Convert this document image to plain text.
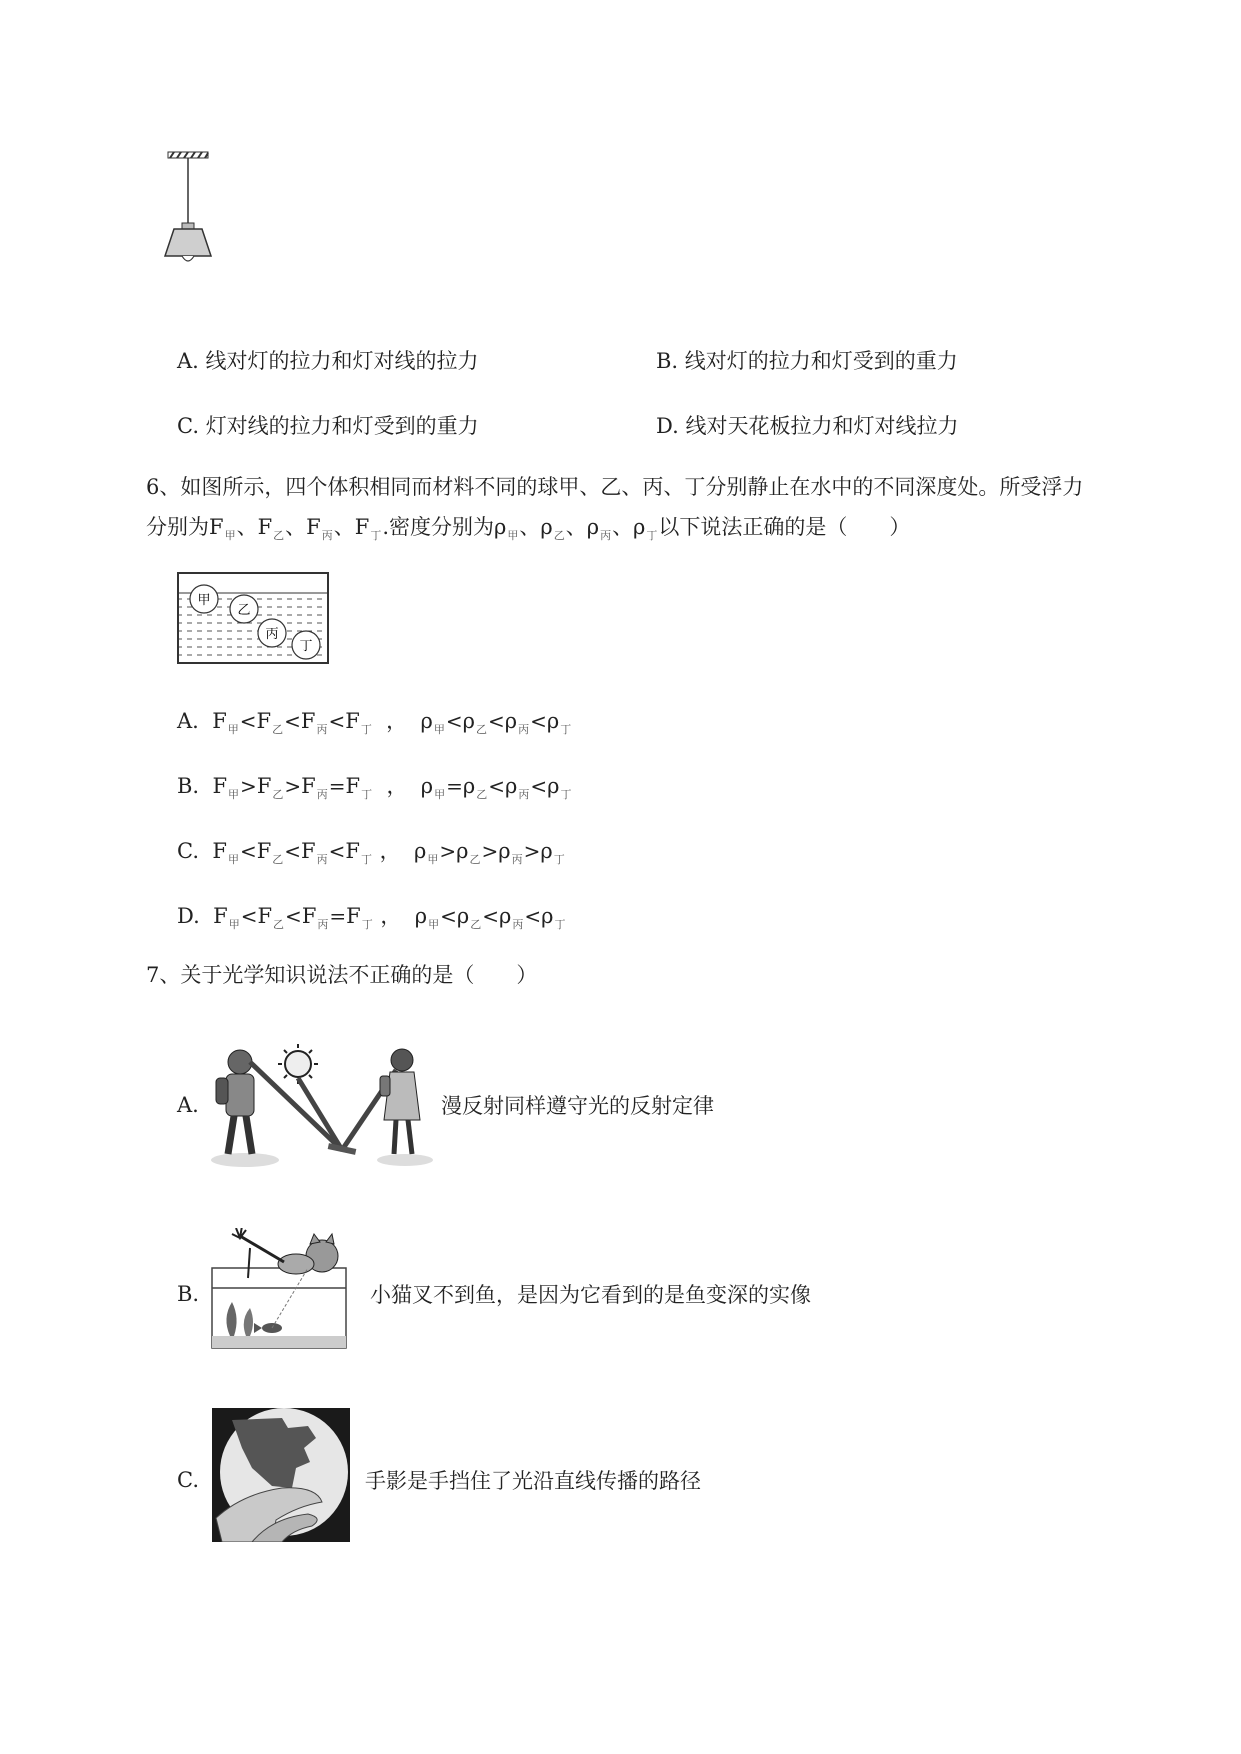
A. 线对灯的拉力和灯对线的拉力	B. 线对灯的拉力和灯受到的重力
C. 灯对线的拉力和灯受到的重力	D. 线对天花板拉力和灯对线拉力
6、如图所示，四个体积相同而材料不同的球甲、乙、丙、丁分别静止在水中的不同深度处。所受浮力
分别为$F_甲$、$F_乙$、$F_丙$、$F_丁$.密度分别为$\rho_甲$、$\rho_乙$、$\rho_丙$、$\rho_丁$以下说法正确的是（　　）
甲
乙
丙
丁
A. $F_甲<F_乙<F_丙<F_丁$ ， $\rho_甲<\rho_乙<\rho_丙<\rho_丁$
B. $F_甲>F_乙>F_丙=F_丁$ ， $\rho_甲=\rho_乙<\rho_丙<\rho_丁$
C. $F_甲<F_乙<F_丙<F_丁$ ， $\rho_甲>\rho_乙>\rho_丙>\rho_丁$
D. $F_甲<F_乙<F_丙=F_丁$ ， $\rho_甲<\rho_乙<\rho_丙<\rho_丁$
7、关于光学知识说法不正确的是（　　）
A.	漫反射同样遵守光的反射定律
B.	小猫叉不到鱼，是因为它看到的是鱼变深的实像
C.	手影是手挡住了光沿直线传播的路径
